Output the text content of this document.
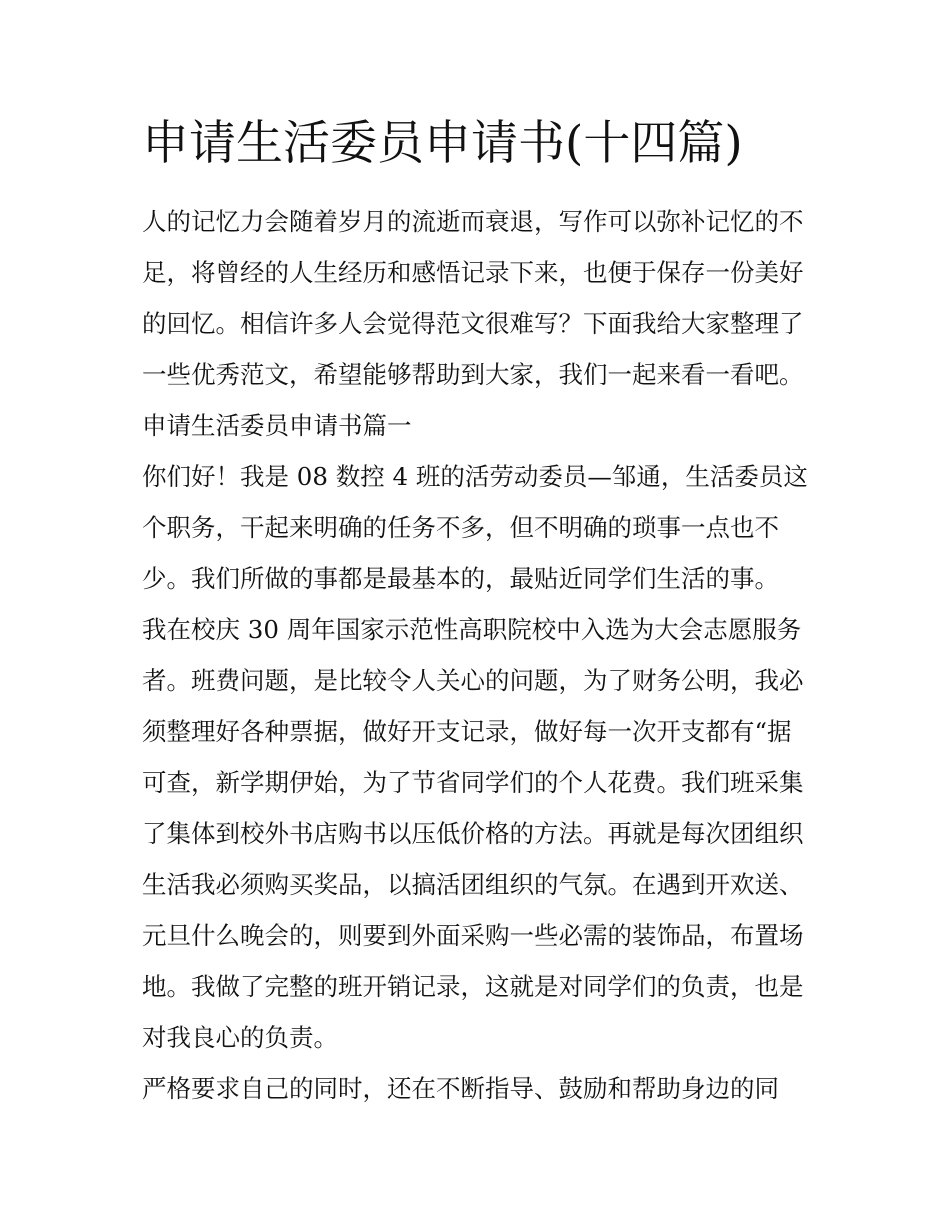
申请生活委员申请书(十四篇)
人的记忆力会随着岁月的流逝而衰退，写作可以弥补记忆的不
足，将曾经的人生经历和感悟记录下来，也便于保存一份美好
的回忆。相信许多人会觉得范文很难写？下面我给大家整理了
一些优秀范文，希望能够帮助到大家，我们一起来看一看吧。
申请生活委员申请书篇一
你们好！我是 08 数控 4 班的活劳动委员—邹通，生活委员这
个职务，干起来明确的任务不多，但不明确的琐事一点也不
少。我们所做的事都是最基本的，最贴近同学们生活的事。
我在校庆 30 周年国家示范性高职院校中入选为大会志愿服务
者。班费问题，是比较令人关心的问题，为了财务公明，我必
须整理好各种票据，做好开支记录，做好每一次开支都有“据
可查，新学期伊始，为了节省同学们的个人花费。我们班采集
了集体到校外书店购书以压低价格的方法。再就是每次团组织
生活我必须购买奖品，以搞活团组织的气氛。在遇到开欢送、
元旦什么晚会的，则要到外面采购一些必需的装饰品，布置场
地。我做了完整的班开销记录，这就是对同学们的负责，也是
对我良心的负责。
严格要求自己的同时，还在不断指导、鼓励和帮助身边的同
